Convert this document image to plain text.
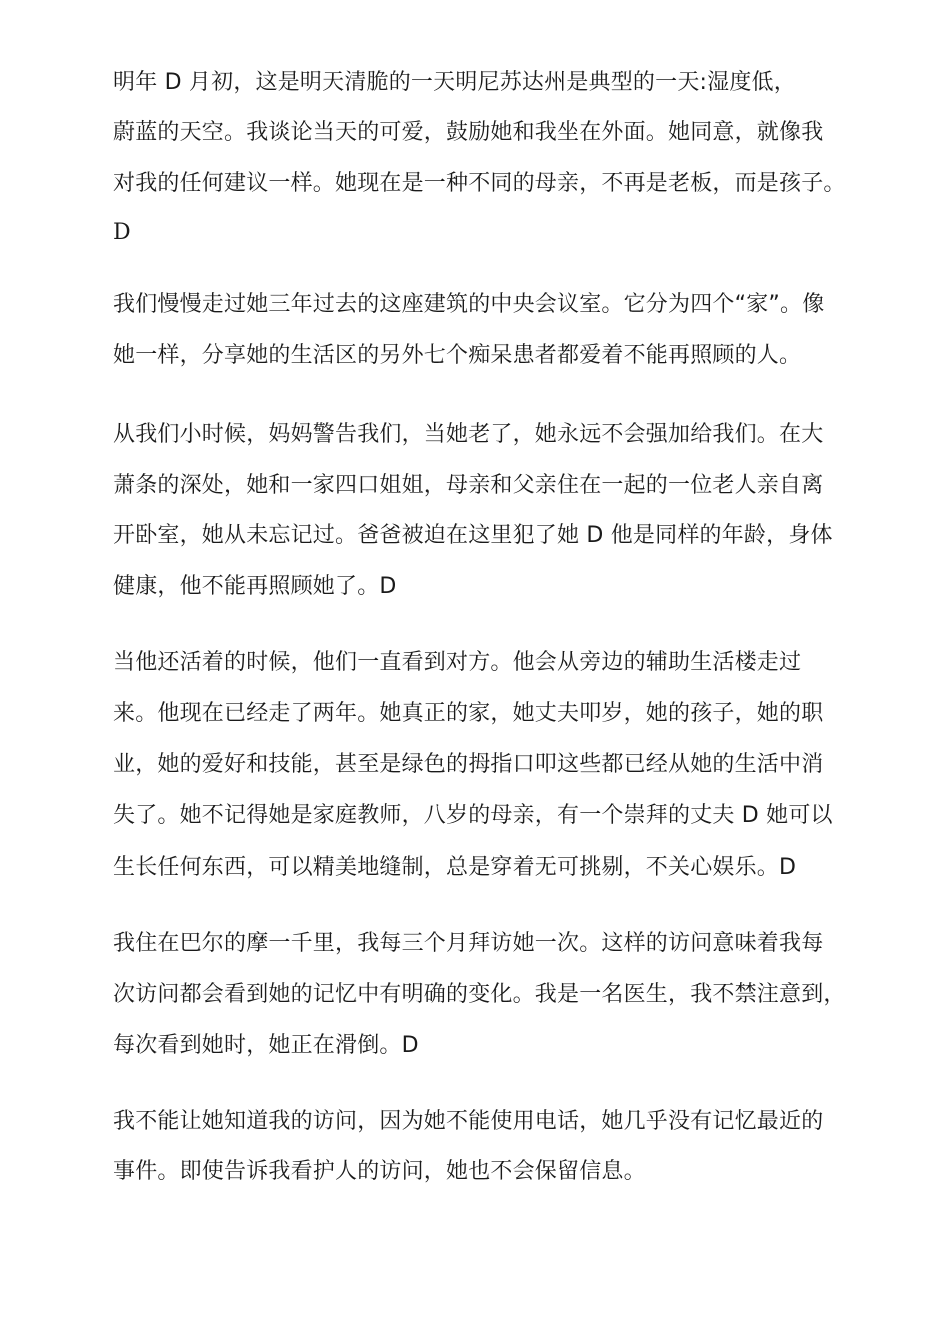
明年 D 月初，这是明天清脆的一天明尼苏达州是典型的一天:湿度低，
蔚蓝的天空。我谈论当天的可爱，鼓励她和我坐在外面。她同意，就像我
对我的任何建议一样。她现在是一种不同的母亲，不再是老板，而是孩子。
D
我们慢慢走过她三年过去的这座建筑的中央会议室。它分为四个“家”。像
她一样，分享她的生活区的另外七个痴呆患者都爱着不能再照顾的人。
从我们小时候，妈妈警告我们，当她老了，她永远不会强加给我们。在大
萧条的深处，她和一家四口姐姐，母亲和父亲住在一起的一位老人亲自离
开卧室，她从未忘记过。爸爸被迫在这里犯了她 D 他是同样的年龄，身体
健康，他不能再照顾她了。D
当他还活着的时候，他们一直看到对方。他会从旁边的辅助生活楼走过
来。他现在已经走了两年。她真正的家，她丈夫叩岁，她的孩子，她的职
业，她的爱好和技能，甚至是绿色的拇指口叩这些都已经从她的生活中消
失了。她不记得她是家庭教师，八岁的母亲，有一个崇拜的丈夫 D 她可以
生长任何东西，可以精美地缝制，总是穿着无可挑剔，不关心娱乐。D
我住在巴尔的摩一千里，我每三个月拜访她一次。这样的访问意味着我每
次访问都会看到她的记忆中有明确的变化。我是一名医生，我不禁注意到，
每次看到她时，她正在滑倒。D
我不能让她知道我的访问，因为她不能使用电话，她几乎没有记忆最近的
事件。即使告诉我看护人的访问，她也不会保留信息。
